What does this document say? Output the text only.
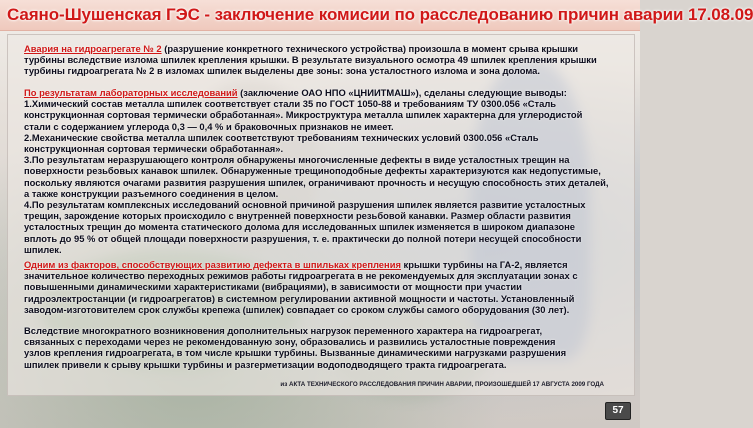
Саяно-Шушенская ГЭС - заключение комисии по расследованию причин аварии 17.08.09

Авария на гидроагрегате № 2 (разрушение конкретного технического устройства) произошла в момент срыва крышки
турбины вследствие излома шпилек крепления крышки. В результате визуального осмотра 49 шпилек крепления крышки
турбины гидроагрегата № 2 в изломах шпилек выделены две зоны: зона усталостного излома и зона долома.

По результатам лабораторных исследований (заключение ОАО НПО «ЦНИИТМАШ»), сделаны следующие выводы:
1.Химический состав металла шпилек соответствует стали 35 по ГОСТ 1050-88 и требованиям ТУ 0300.056 «Сталь
конструкционная сортовая термически обработанная». Микроструктура металла шпилек характерна для углеродистой
стали с содержанием углерода 0,3 — 0,4 % и браковочных признаков не имеет.
2.Механические свойства металла шпилек соответствуют требованиям технических условий 0300.056 «Сталь
конструкционная сортовая термически обработанная».
3.По результатам неразрушающего контроля обнаружены многочисленные дефекты в виде усталостных трещин на
поверхности резьбовых канавок шпилек. Обнаруженные трещиноподобные дефекты характеризуются как недопустимые,
поскольку являются очагами развития разрушения шпилек, ограничивают прочность и несущую способность этих деталей,
а также конструкции разъемного соединения в целом.
4.По результатам комплексных исследований основной причиной разрушения шпилек является развитие усталостных
трещин, зарождение которых происходило с внутренней поверхности резьбовой канавки. Размер области развития
усталостных трещин до момента статического долома для исследованных шпилек изменяется в широком диапазоне
вплоть до 95 % от общей площади поверхности разрушения, т. е. практически до полной потери несущей способности
шпилек.

Одним из факторов, способствующих развитию дефекта в шпильках крепления крышки турбины на ГА-2, является
значительное количество переходных режимов работы гидроагрегата в не рекомендуемых для эксплуатации зонах с
повышенными динамическими характеристиками (вибрациями), в зависимости от мощности при участии
гидроэлектростанции (и гидроагрегатов) в системном регулировании активной мощности и частоты. Установленный
заводом-изготовителем срок службы крепежа (шпилек) совпадает со сроком службы самого оборудования (30 лет).

Вследствие многократного возникновения дополнительных нагрузок переменного характера на гидроагрегат,
связанных с переходами через не рекомендованную зону, образовались и развились усталостные повреждения
узлов крепления гидроагрегата, в том числе крышки турбины. Вызванные динамическими нагрузками разрушения
шпилек привели к срыву крышки турбины и разгерметизации водоподводящего тракта гидроагрегата.

из АКТА ТЕХНИЧЕСКОГО РАССЛЕДОВАНИЯ ПРИЧИН АВАРИИ, ПРОИЗОШЕДШЕЙ 17 АВГУСТА 2009 ГОДА
57
